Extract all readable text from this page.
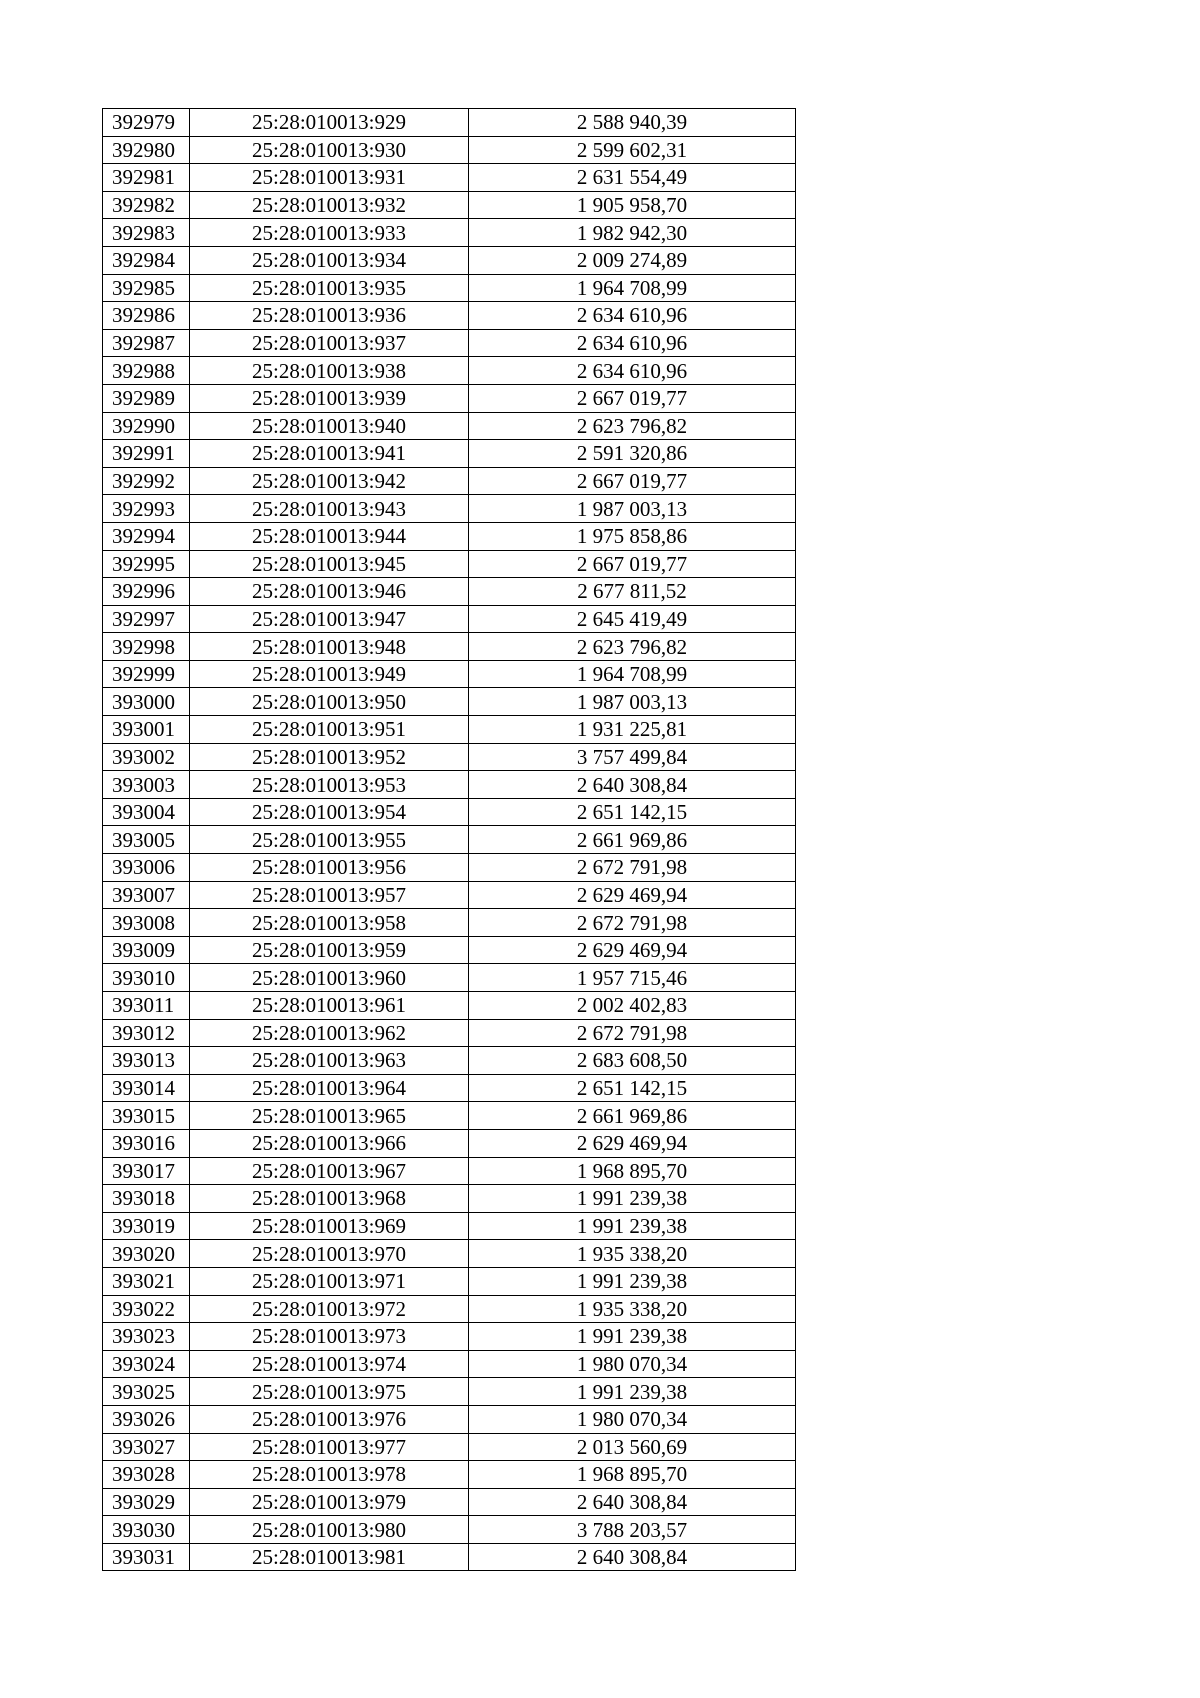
392979	25:28:010013:929	2 588 940,39
392980	25:28:010013:930	2 599 602,31
392981	25:28:010013:931	2 631 554,49
392982	25:28:010013:932	1 905 958,70
392983	25:28:010013:933	1 982 942,30
392984	25:28:010013:934	2 009 274,89
392985	25:28:010013:935	1 964 708,99
392986	25:28:010013:936	2 634 610,96
392987	25:28:010013:937	2 634 610,96
392988	25:28:010013:938	2 634 610,96
392989	25:28:010013:939	2 667 019,77
392990	25:28:010013:940	2 623 796,82
392991	25:28:010013:941	2 591 320,86
392992	25:28:010013:942	2 667 019,77
392993	25:28:010013:943	1 987 003,13
392994	25:28:010013:944	1 975 858,86
392995	25:28:010013:945	2 667 019,77
392996	25:28:010013:946	2 677 811,52
392997	25:28:010013:947	2 645 419,49
392998	25:28:010013:948	2 623 796,82
392999	25:28:010013:949	1 964 708,99
393000	25:28:010013:950	1 987 003,13
393001	25:28:010013:951	1 931 225,81
393002	25:28:010013:952	3 757 499,84
393003	25:28:010013:953	2 640 308,84
393004	25:28:010013:954	2 651 142,15
393005	25:28:010013:955	2 661 969,86
393006	25:28:010013:956	2 672 791,98
393007	25:28:010013:957	2 629 469,94
393008	25:28:010013:958	2 672 791,98
393009	25:28:010013:959	2 629 469,94
393010	25:28:010013:960	1 957 715,46
393011	25:28:010013:961	2 002 402,83
393012	25:28:010013:962	2 672 791,98
393013	25:28:010013:963	2 683 608,50
393014	25:28:010013:964	2 651 142,15
393015	25:28:010013:965	2 661 969,86
393016	25:28:010013:966	2 629 469,94
393017	25:28:010013:967	1 968 895,70
393018	25:28:010013:968	1 991 239,38
393019	25:28:010013:969	1 991 239,38
393020	25:28:010013:970	1 935 338,20
393021	25:28:010013:971	1 991 239,38
393022	25:28:010013:972	1 935 338,20
393023	25:28:010013:973	1 991 239,38
393024	25:28:010013:974	1 980 070,34
393025	25:28:010013:975	1 991 239,38
393026	25:28:010013:976	1 980 070,34
393027	25:28:010013:977	2 013 560,69
393028	25:28:010013:978	1 968 895,70
393029	25:28:010013:979	2 640 308,84
393030	25:28:010013:980	3 788 203,57
393031	25:28:010013:981	2 640 308,84
